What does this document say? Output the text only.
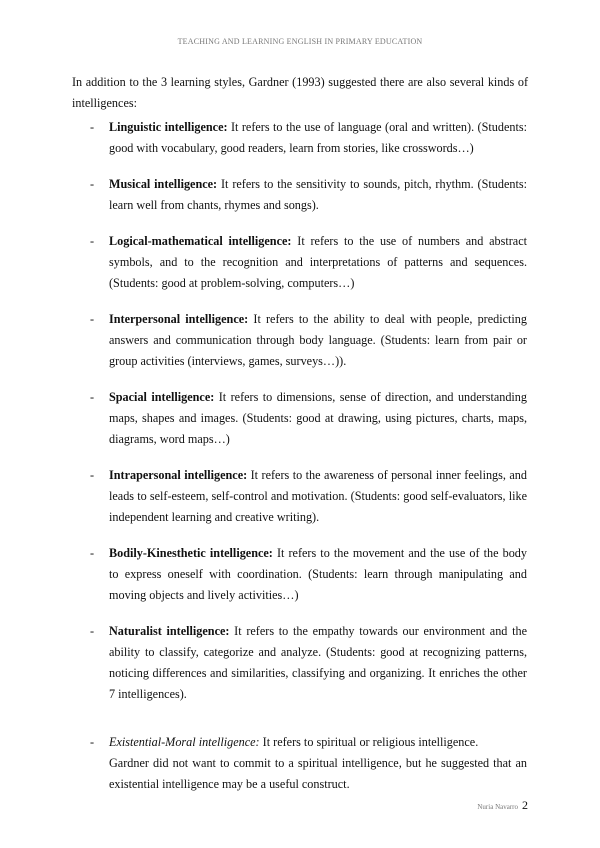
TEACHING AND LEARNING ENGLISH IN PRIMARY EDUCATION

In addition to the 3 learning styles, Gardner (1993) suggested there are also several kinds of intelligences:

- Linguistic intelligence: It refers to the use of language (oral and written). (Students: good with vocabulary, good readers, learn from stories, like crosswords…)
- Musical intelligence: It refers to the sensitivity to sounds, pitch, rhythm. (Students: learn well from chants, rhymes and songs).
- Logical-mathematical intelligence: It refers to the use of numbers and abstract symbols, and to the recognition and interpretations of patterns and sequences. (Students: good at problem-solving, computers…)
- Interpersonal intelligence: It refers to the ability to deal with people, predicting answers and communication through body language. (Students: learn from pair or group activities (interviews, games, surveys…)).
- Spacial intelligence: It refers to dimensions, sense of direction, and understanding maps, shapes and images. (Students: good at drawing, using pictures, charts, maps, diagrams, word maps…)
- Intrapersonal intelligence: It refers to the awareness of personal inner feelings, and leads to self-esteem, self-control and motivation. (Students: good self-evaluators, like independent learning and creative writing).
- Bodily-Kinesthetic intelligence: It refers to the movement and the use of the body to express oneself with coordination. (Students: learn through manipulating and moving objects and lively activities…)
- Naturalist intelligence: It refers to the empathy towards our environment and the ability to classify, categorize and analyze. (Students: good at recognizing patterns, noticing differences and similarities, classifying and organizing. It enriches the other 7 intelligences).
- Existential-Moral intelligence: It refers to spiritual or religious intelligence.
Gardner did not want to commit to a spiritual intelligence, but he suggested that an existential intelligence may be a useful construct.
Nuria Navarro 2
